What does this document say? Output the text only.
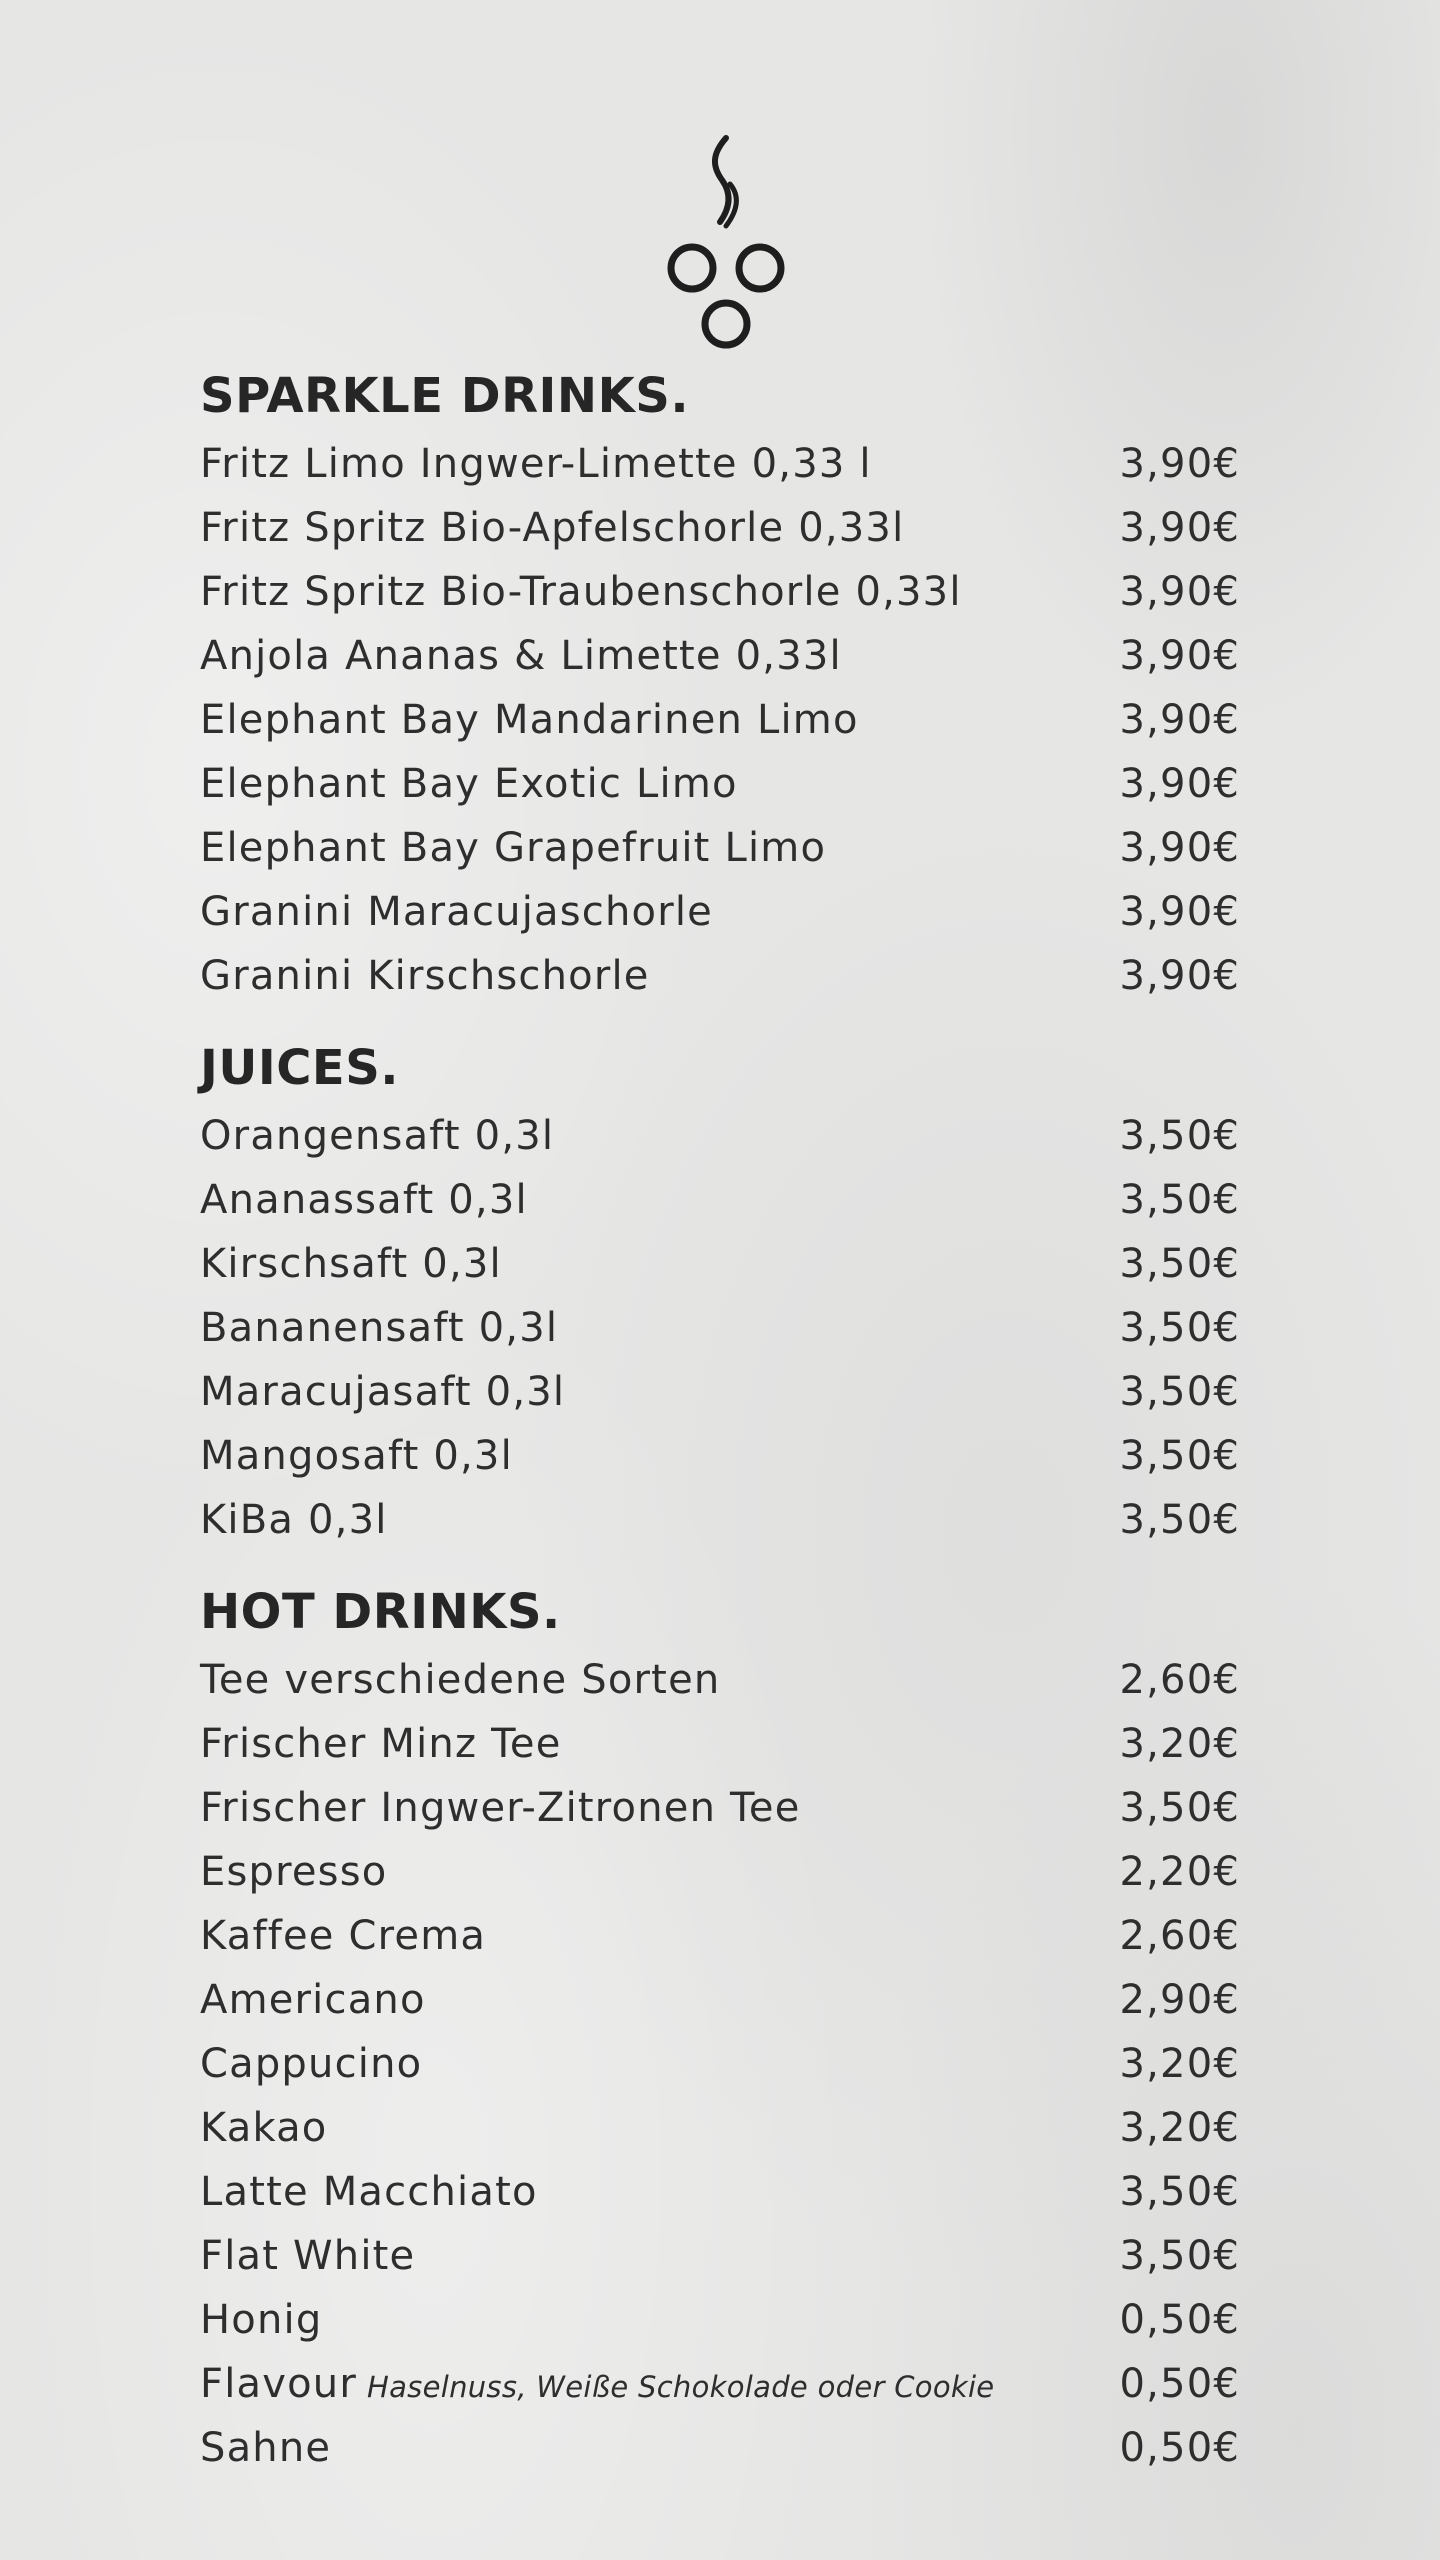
SPARKLE DRINKS.
Fritz Limo Ingwer-Limette 0,33 l	3,90€
Fritz Spritz Bio-Apfelschorle 0,33l	3,90€
Fritz Spritz Bio-Traubenschorle 0,33l	3,90€
Anjola Ananas & Limette 0,33l	3,90€
Elephant Bay Mandarinen Limo	3,90€
Elephant Bay Exotic Limo	3,90€
Elephant Bay Grapefruit Limo	3,90€
Granini Maracujaschorle	3,90€
Granini Kirschschorle	3,90€
JUICES.
Orangensaft 0,3l	3,50€
Ananassaft 0,3l	3,50€
Kirschsaft 0,3l	3,50€
Bananensaft 0,3l	3,50€
Maracujasaft 0,3l	3,50€
Mangosaft 0,3l	3,50€
KiBa 0,3l	3,50€
HOT DRINKS.
Tee verschiedene Sorten	2,60€
Frischer Minz Tee	3,20€
Frischer Ingwer-Zitronen Tee	3,50€
Espresso	2,20€
Kaffee Crema	2,60€
Americano	2,90€
Cappucino	3,20€
Kakao	3,20€
Latte Macchiato	3,50€
Flat White	3,50€
Honig	0,50€
Flavour Haselnuss, Weiße Schokolade oder Cookie	0,50€
Sahne	0,50€
